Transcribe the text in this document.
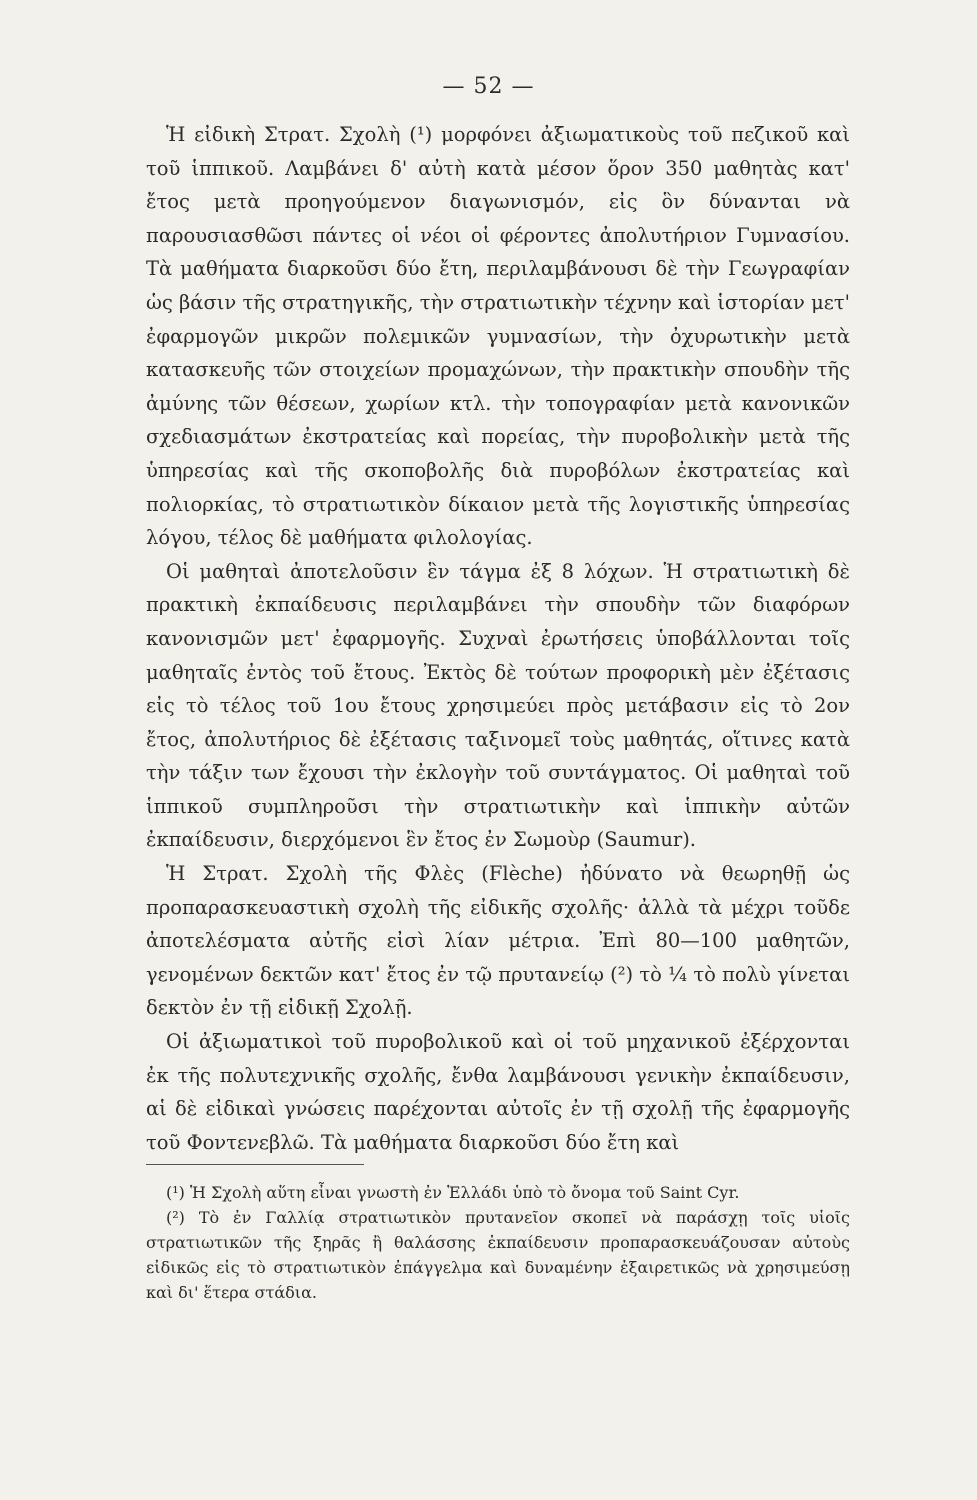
— 52 —

Ἡ εἰδικὴ Στρατ. Σχολὴ (¹) μορφόνει ἀξιωματικοὺς τοῦ πεζικοῦ καὶ τοῦ ἱππικοῦ. Λαμβάνει δ' αὐτὴ κατὰ μέσον ὅρον 350 μαθητὰς κατ' ἔτος μετὰ προηγούμενον διαγωνισμόν, εἰς ὃν δύνανται νὰ παρουσιασθῶσι πάντες οἱ νέοι οἱ φέροντες ἀπολυτήριον Γυμνασίου. Τὰ μαθήματα διαρκοῦσι δύο ἔτη, περιλαμβάνουσι δὲ τὴν Γεωγραφίαν ὡς βάσιν τῆς στρατηγικῆς, τὴν στρατιωτικὴν τέχνην καὶ ἱστορίαν μετ' ἐφαρμογῶν μικρῶν πολεμικῶν γυμνασίων, τὴν ὀχυρωτικὴν μετὰ κατασκευῆς τῶν στοιχείων προμαχώνων, τὴν πρακτικὴν σπουδὴν τῆς ἀμύνης τῶν θέσεων, χωρίων κτλ. τὴν τοπογραφίαν μετὰ κανονικῶν σχεδιασμάτων ἐκστρατείας καὶ πορείας, τὴν πυροβολικὴν μετὰ τῆς ὑπηρεσίας καὶ τῆς σκοποβολῆς διὰ πυροβόλων ἐκστρατείας καὶ πολιορκίας, τὸ στρατιωτικὸν δίκαιον μετὰ τῆς λογιστικῆς ὑπηρεσίας λόγου, τέλος δὲ μαθήματα φιλολογίας.

Οἱ μαθηταὶ ἀποτελοῦσιν ἓν τάγμα ἐξ 8 λόχων. Ἡ στρατιωτικὴ δὲ πρακτικὴ ἐκπαίδευσις περιλαμβάνει τὴν σπουδὴν τῶν διαφόρων κανονισμῶν μετ' ἐφαρμογῆς. Συχναὶ ἐρωτήσεις ὑποβάλλονται τοῖς μαθηταῖς ἐντὸς τοῦ ἔτους. Ἐκτὸς δὲ τούτων προφορικὴ μὲν ἐξέτασις εἰς τὸ τέλος τοῦ 1ου ἔτους χρησιμεύει πρὸς μετάβασιν εἰς τὸ 2ον ἔτος, ἀπολυτήριος δὲ ἐξέτασις ταξινομεῖ τοὺς μαθητάς, οἵτινες κατὰ τὴν τάξιν των ἔχουσι τὴν ἐκλογὴν τοῦ συντάγματος. Οἱ μαθηταὶ τοῦ ἱππικοῦ συμπληροῦσι τὴν στρατιωτικὴν καὶ ἱππικὴν αὐτῶν ἐκπαίδευσιν, διερχόμενοι ἓν ἔτος ἐν Σωμοὺρ (Saumur).

Ἡ Στρατ. Σχολὴ τῆς Φλὲς (Flèche) ἠδύνατο νὰ θεωρηθῇ ὡς προπαρασκευαστικὴ σχολὴ τῆς εἰδικῆς σχολῆς· ἀλλὰ τὰ μέχρι τοῦδε ἀποτελέσματα αὐτῆς εἰσὶ λίαν μέτρια. Ἐπὶ 80—100 μαθητῶν, γενομένων δεκτῶν κατ' ἔτος ἐν τῷ πρυτανείῳ (²) τὸ ¼ τὸ πολὺ γίνεται δεκτὸν ἐν τῇ εἰδικῇ Σχολῇ.

Οἱ ἀξιωματικοὶ τοῦ πυροβολικοῦ καὶ οἱ τοῦ μηχανικοῦ ἐξέρχονται ἐκ τῆς πολυτεχνικῆς σχολῆς, ἔνθα λαμβάνουσι γενικὴν ἐκπαίδευσιν, αἱ δὲ εἰδικαὶ γνώσεις παρέχονται αὐτοῖς ἐν τῇ σχολῇ τῆς ἐφαρμογῆς τοῦ Φοντενεβλῶ. Τὰ μαθήματα διαρκοῦσι δύο ἔτη καὶ

(¹) Ἡ Σχολὴ αὕτη εἶναι γνωστὴ ἐν Ἑλλάδι ὑπὸ τὸ ὄνομα τοῦ Saint Cyr.

(²) Τὸ ἐν Γαλλίᾳ στρατιωτικὸν πρυτανεῖον σκοπεῖ νὰ παράσχῃ τοῖς υἱοῖς στρατιωτικῶν τῆς ξηρᾶς ἢ θαλάσσης ἐκπαίδευσιν προπαρασκευάζουσαν αὐτοὺς εἰδικῶς εἰς τὸ στρατιωτικὸν ἐπάγγελμα καὶ δυναμένην ἐξαιρετικῶς νὰ χρησιμεύσῃ καὶ δι' ἕτερα στάδια.
